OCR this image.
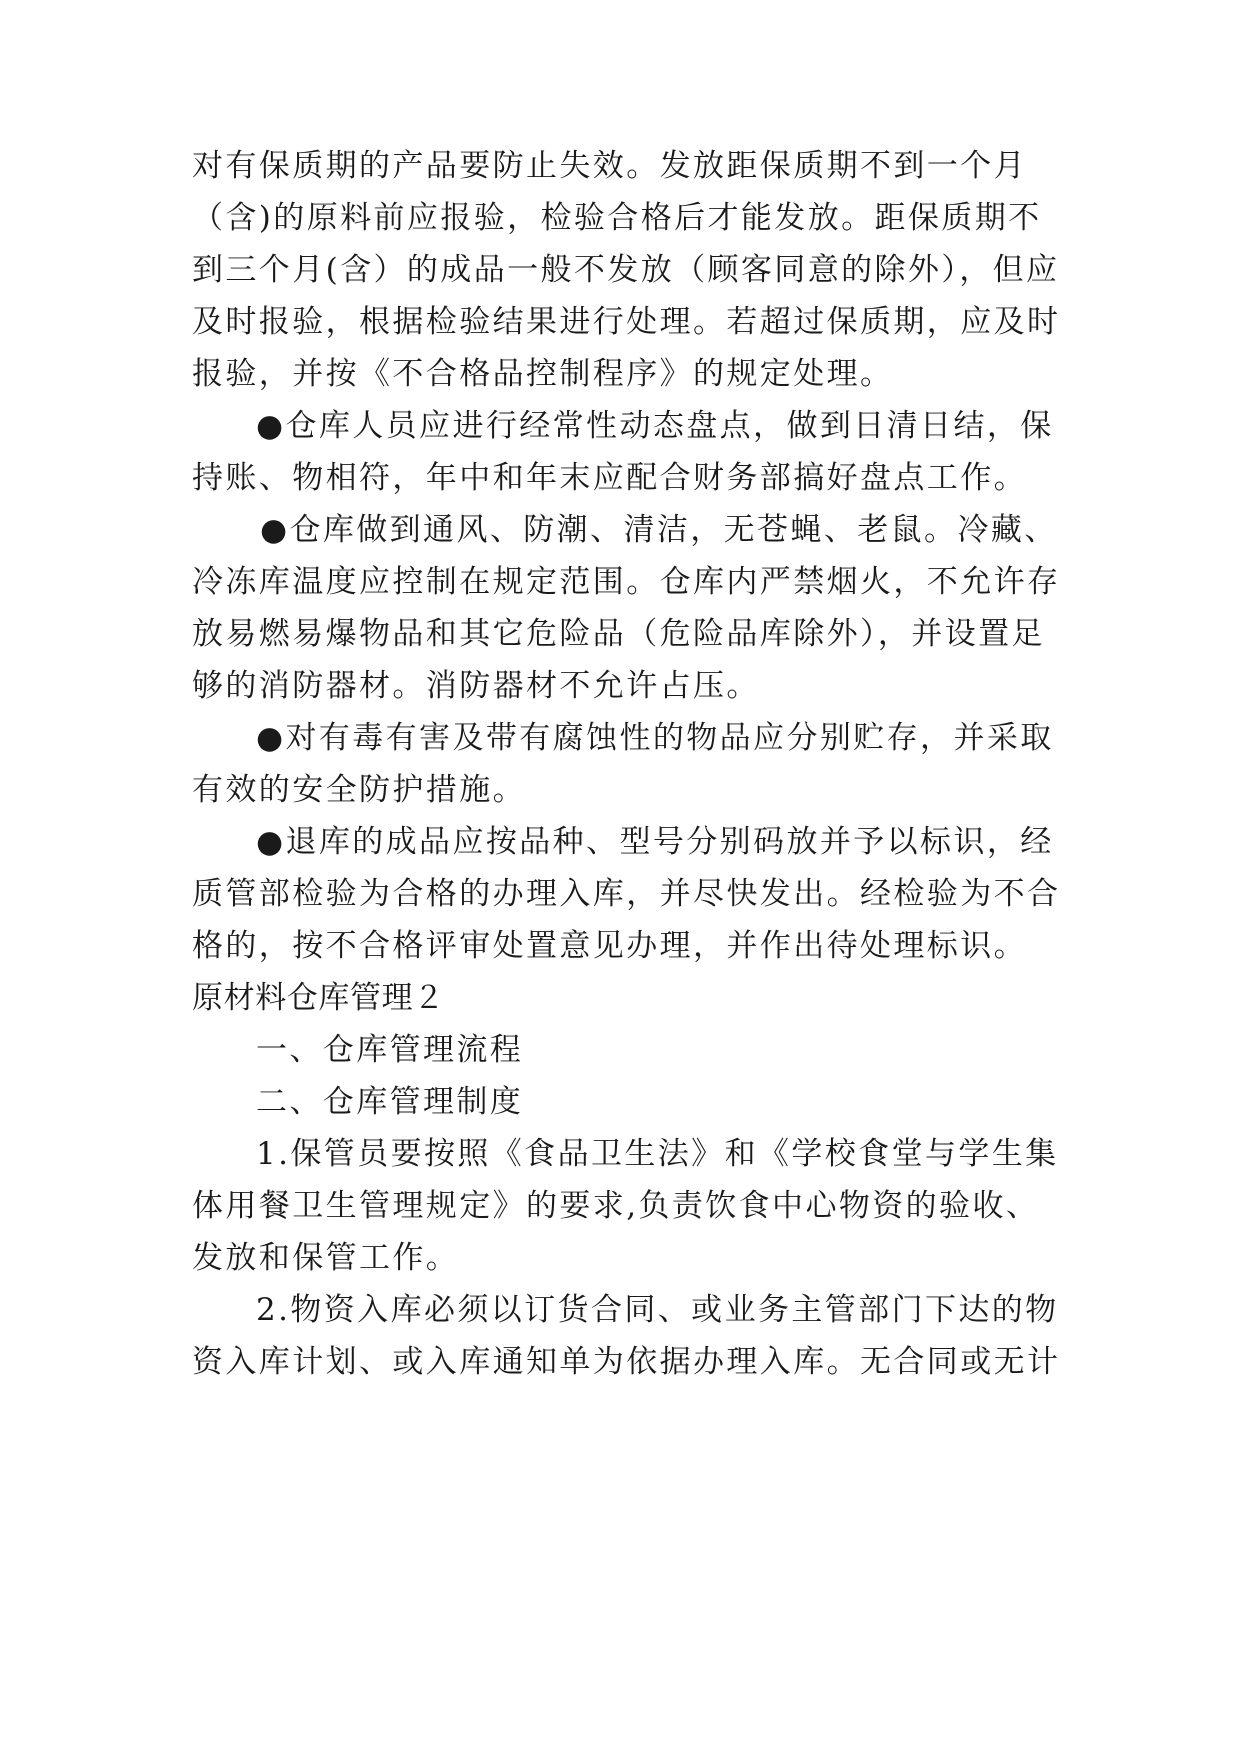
对有保质期的产品要防止失效。发放距保质期不到一个月
（含)的原料前应报验，检验合格后才能发放。距保质期不
到三个月(含）的成品一般不发放（顾客同意的除外），但应
及时报验，根据检验结果进行处理。若超过保质期，应及时
报验，并按《不合格品控制程序》的规定处理。
●仓库人员应进行经常性动态盘点，做到日清日结，保
持账、物相符，年中和年末应配合财务部搞好盘点工作。
●仓库做到通风、防潮、清洁，无苍蝇、老鼠。冷藏、
冷冻库温度应控制在规定范围。仓库内严禁烟火，不允许存
放易燃易爆物品和其它危险品（危险品库除外），并设置足
够的消防器材。消防器材不允许占压。
●对有毒有害及带有腐蚀性的物品应分别贮存，并采取
有效的安全防护措施。
●退库的成品应按品种、型号分别码放并予以标识，经
质管部检验为合格的办理入库，并尽快发出。经检验为不合
格的，按不合格评审处置意见办理，并作出待处理标识。
原材料仓库管理２
一、仓库管理流程
二、仓库管理制度
1.保管员要按照《食品卫生法》和《学校食堂与学生集
体用餐卫生管理规定》的要求,负责饮食中心物资的验收、
发放和保管工作。
2.物资入库必须以订货合同、或业务主管部门下达的物
资入库计划、或入库通知单为依据办理入库。无合同或无计
